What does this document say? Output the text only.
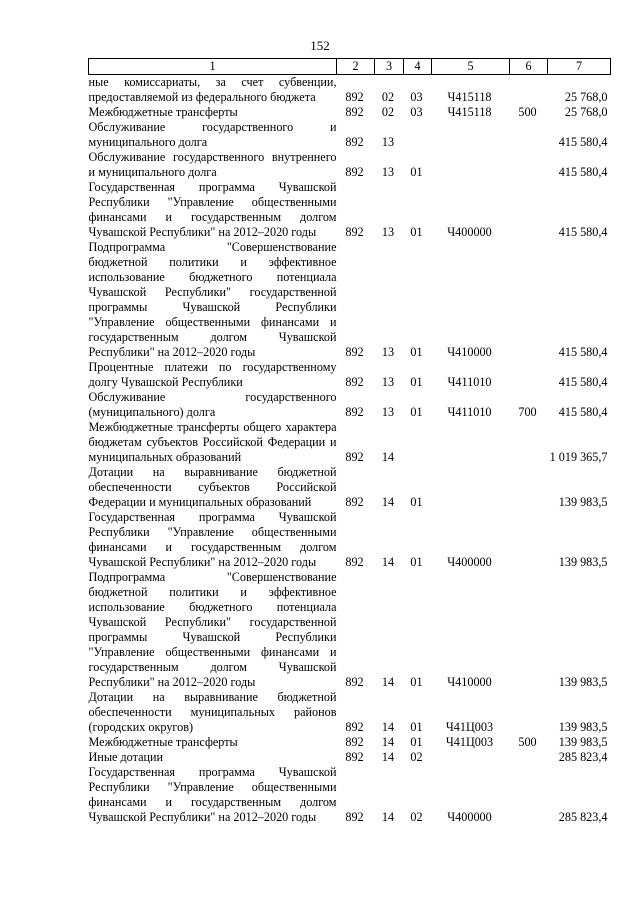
152
1	2	3	4	5	6	7
ные комиссариаты, за счет субвенции, предоставляемой из федерального бюджета	892	02	03	Ч415118		25 768,0
Межбюджетные трансферты	892	02	03	Ч415118	500	25 768,0
Обслуживание государственного и муниципального долга	892	13				415 580,4
Обслуживание государственного внутреннего и муниципального долга	892	13	01			415 580,4
Государственная программа Чувашской Республики "Управление общественными финансами и государственным долгом Чувашской Республики" на 2012–2020 годы	892	13	01	Ч400000		415 580,4
Подпрограмма "Совершенствование бюджетной политики и эффективное использование бюджетного потенциала Чувашской Республики" государственной программы Чувашской Республики "Управление общественными финансами и государственным долгом Чувашской Республики" на 2012–2020 годы	892	13	01	Ч410000		415 580,4
Процентные платежи по государственному долгу Чувашской Республики	892	13	01	Ч411010		415 580,4
Обслуживание государственного (муниципального) долга	892	13	01	Ч411010	700	415 580,4
Межбюджетные трансферты общего характера бюджетам субъектов Российской Федерации и муниципальных образований	892	14				1 019 365,7
Дотации на выравнивание бюджетной обеспеченности субъектов Российской Федерации и муниципальных образований	892	14	01			139 983,5
Государственная программа Чувашской Республики "Управление общественными финансами и государственным долгом Чувашской Республики" на 2012–2020 годы	892	14	01	Ч400000		139 983,5
Подпрограмма "Совершенствование бюджетной политики и эффективное использование бюджетного потенциала Чувашской Республики" государственной программы Чувашской Республики "Управление общественными финансами и государственным долгом Чувашской Республики" на 2012–2020 годы	892	14	01	Ч410000		139 983,5
Дотации на выравнивание бюджетной обеспеченности муниципальных районов (городских округов)	892	14	01	Ч41Ц003		139 983,5
Межбюджетные трансферты	892	14	01	Ч41Ц003	500	139 983,5
Иные дотации	892	14	02			285 823,4
Государственная программа Чувашской Республики "Управление общественными финансами и государственным долгом Чувашской Республики" на 2012–2020 годы	892	14	02	Ч400000		285 823,4
